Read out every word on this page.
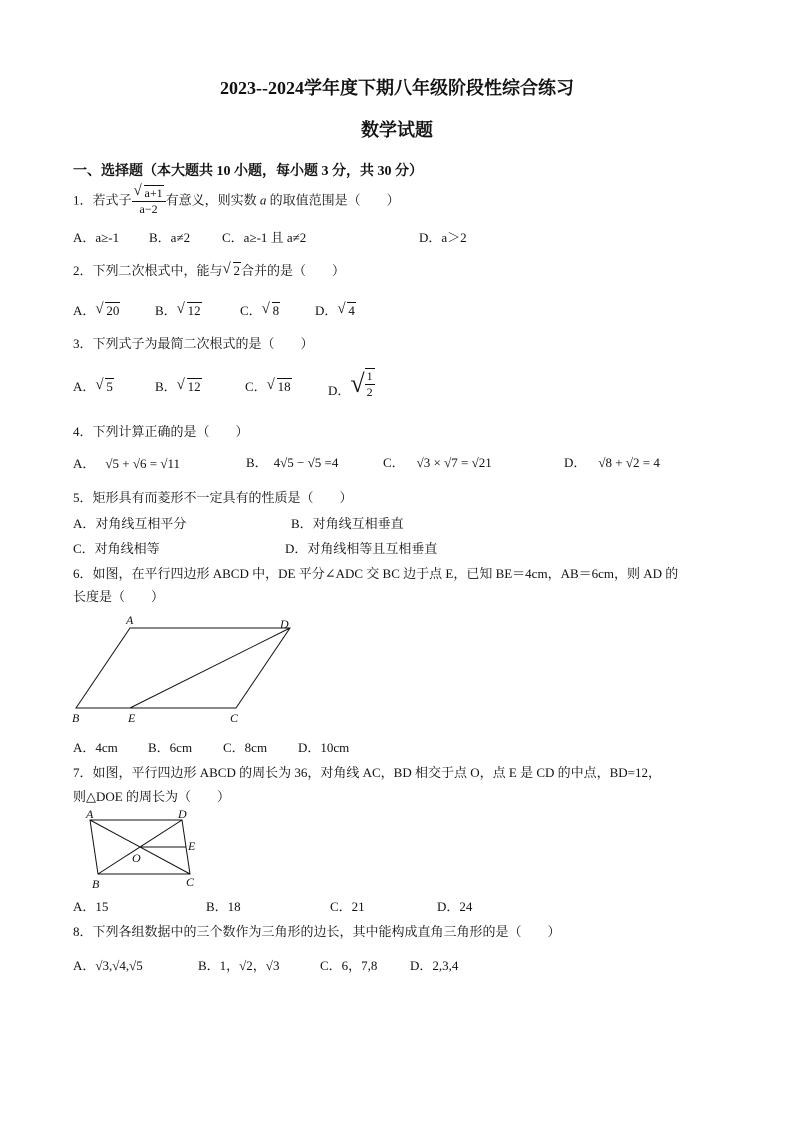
2023--2024学年度下期八年级阶段性综合练习
数学试题
一、选择题（本大题共 10 小题，每小题 3 分，共 30 分）
1．若式子 √ $\frac{a+1}{a-2}$ 有意义，则实数 a 的取值范围是（　　）
A．a≥-1 B．a≠2 C．a≥-1 且 a≠2	D．a＞2
2．下列二次根式中，能与 √ 2合并的是（　　）
A． √ 20	B． √ 12	C． √ 8	D． √ 4
3．下列式子为最简二次根式的是（　　）
A． √ 5	B． √ 12	C． √ 18	D．√ $\frac{1}{2}$
4．下列计算正确的是（　　）
A． √5 + √6 = √11	B． 4√5 − √5 =4	C． √3 × √7 = √21	D． √8 + √2 = 4
5．矩形具有而菱形不一定具有的性质是（　　）
A．对角线互相平分	B．对角线互相垂直
C．对角线相等	D．对角线相等且互相垂直
6．如图，在平行四边形 ABCD 中，DE 平分∠ADC 交 BC 边于点 E，已知 BE＝4cm，AB＝6cm，则 AD 的
长度是（　　）
A	D
B	E	C
A．4cm B．6cm C．8cm D．10cm
7．如图，平行四边形 ABCD 的周长为 36，对角线 AC，BD 相交于点 O，点 E 是 CD 的中点，BD=12，
则△DOE 的周长为（　　）
A	D
E
O
B	C
A．15	B．18	C．21	D．24
8．下列各组数据中的三个数作为三角形的边长，其中能构成直角三角形的是（　　）
A．√3,√4,√5	B．1，√2，√3	C．6，7,8	D．2,3,4
